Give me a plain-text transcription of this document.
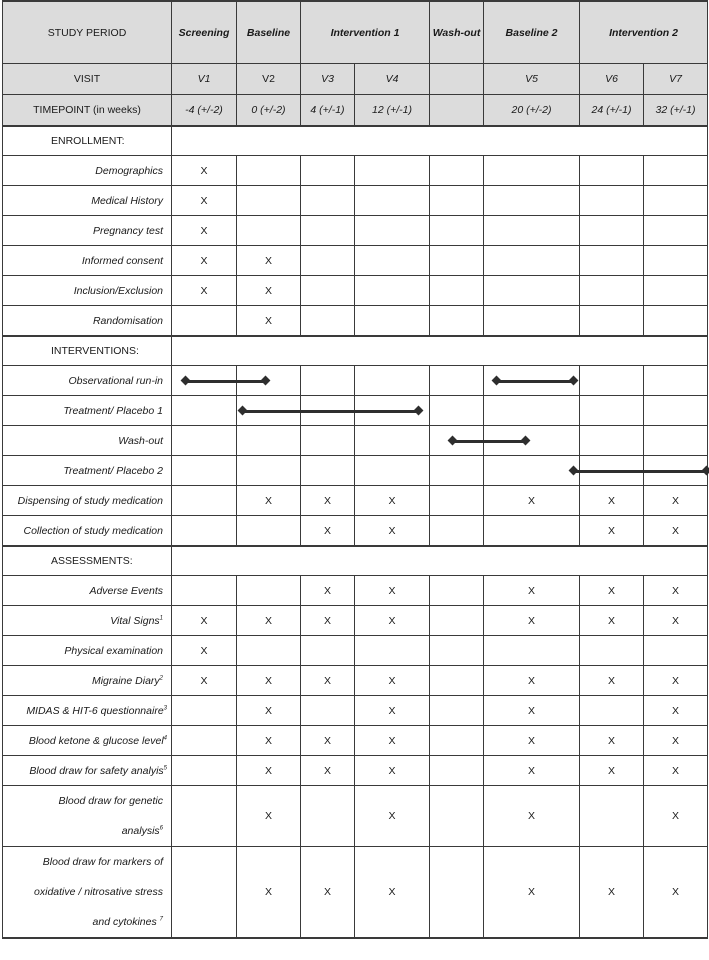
STUDY PERIOD	Screening	Baseline	Intervention 1		Wash-out	Baseline 2	Intervention 2		
VISIT	V1	V2	V3	V4		V5	V6	V7	
TIMEPOINT (in weeks)	-4 (+/-2)	0 (+/-2)	4 (+/-1)	12 (+/-1)		20 (+/-2)	24 (+/-1)	32 (+/-1)	
ENROLLMENT:									
Demographics	X								
Medical History	X								
Pregnancy test	X								
Informed consent	X	X							
Inclusion/Exclusion	X	X							
Randomisation		X							
INTERVENTIONS:									
Observational run-in		

Treatment/ Placebo 1			

Wash-out					

Treatment/ Placebo 2								

Dispensing of study medication		X	X	X		X	X	X	
Collection of study medication			X	X			X	X	
ASSESSMENTS:									
Adverse Events			X	X		X	X	X	
Vital Signs$^1$	X	X	X	X		X	X	X	
Physical examination	X								
Migraine Diary$^2$	X	X	X	X		X	X	X	
MIDAS & HIT-6 questionnaire$^3$		X		X		X		X	
Blood ketone & glucose level$^4$		X	X	X		X	X	X	
Blood draw for safety analyis$^5$		X	X	X		X	X	X	
Blood draw for genetic
analysis$^6$		X		X		X		X	
Blood draw for markers of
oxidative / nitrosative stress
and cytokines $^7$		X	X	X		X	X	X	
